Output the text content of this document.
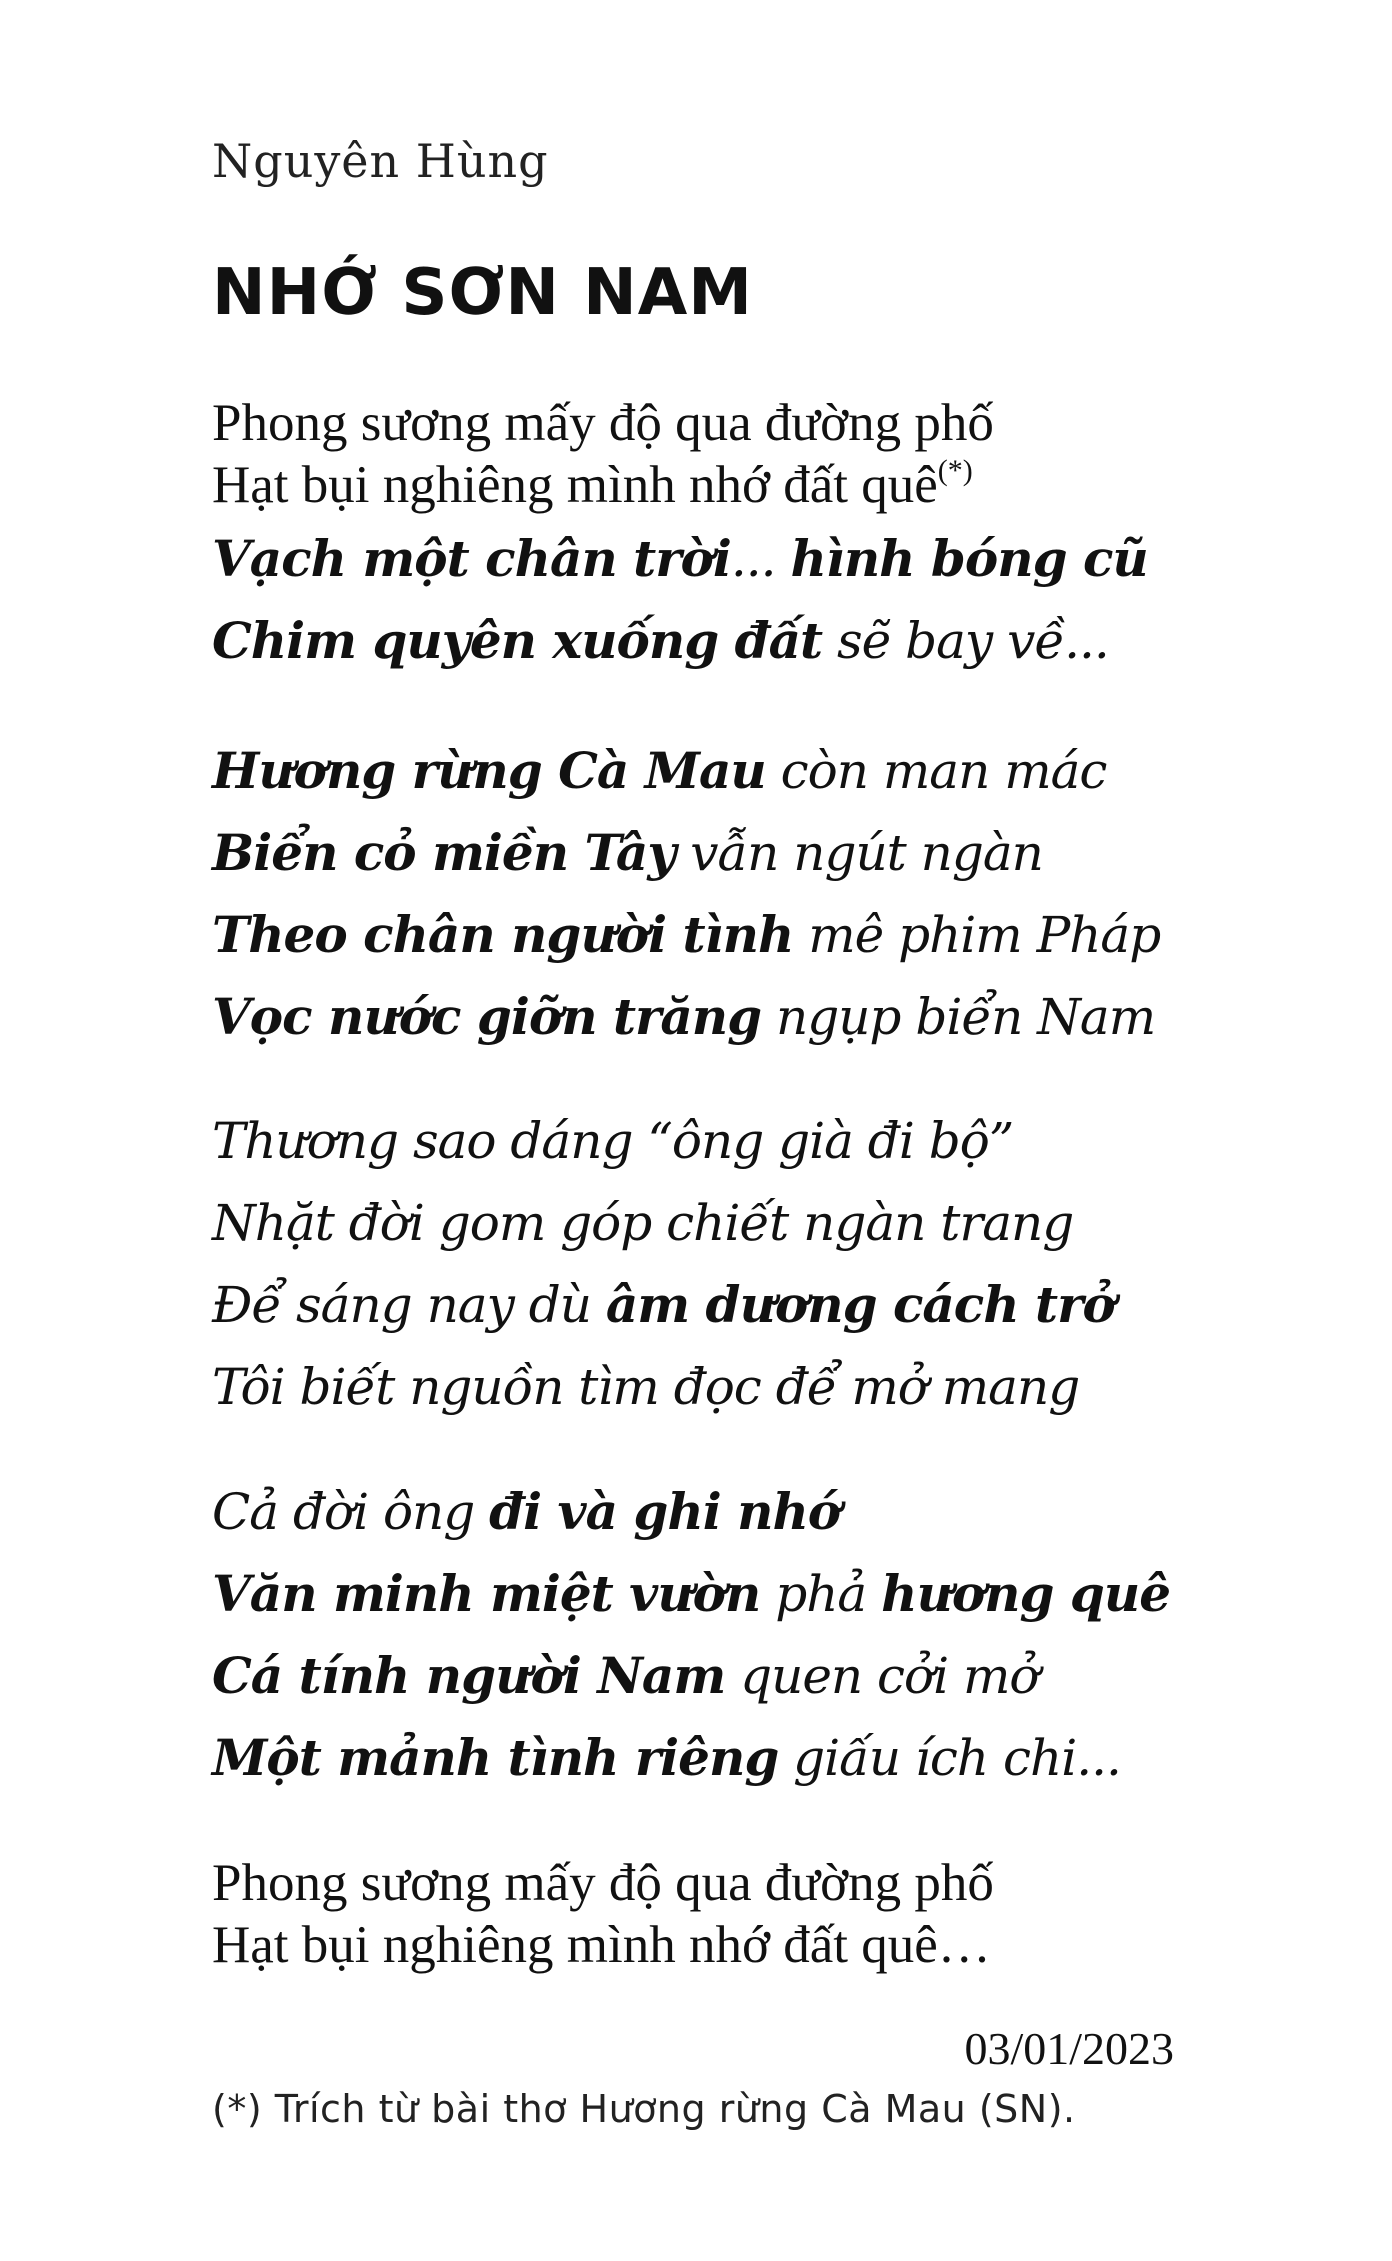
Nguyên Hùng
NHỚ SƠN NAM
Phong sương mấy độ qua đường phố
Hạt bụi nghiêng mình nhớ đất quê(*)
Vạch một chân trời... hình bóng cũ
Chim quyên xuống đất sẽ bay về...
Hương rừng Cà Mau còn man mác
Biển cỏ miền Tây vẫn ngút ngàn
Theo chân người tình mê phim Pháp
Vọc nước giỡn trăng ngụp biển Nam
Thương sao dáng “ông già đi bộ”
Nhặt đời gom góp chiết ngàn trang
Để sáng nay dù âm dương cách trở
Tôi biết nguồn tìm đọc để mở mang
Cả đời ông đi và ghi nhớ
Văn minh miệt vườn phả hương quê
Cá tính người Nam quen cởi mở
Một mảnh tình riêng giấu ích chi...
Phong sương mấy độ qua đường phố
Hạt bụi nghiêng mình nhớ đất quê…
03/01/2023
(*) Trích từ bài thơ Hương rừng Cà Mau (SN).
